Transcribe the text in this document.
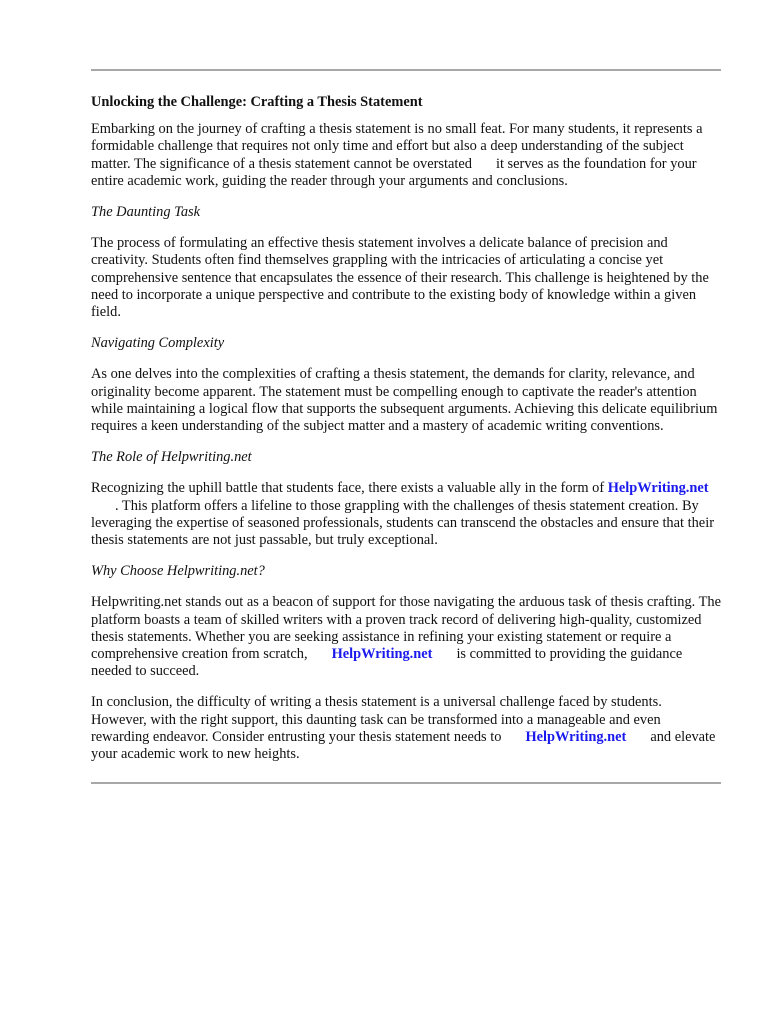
Unlocking the Challenge: Crafting a Thesis Statement

Embarking on the journey of crafting a thesis statement is no small feat. For many students, it represents a formidable challenge that requires not only time and effort but also a deep understanding of the subject matter. The significance of a thesis statement cannot be overstated it serves as the foundation for your entire academic work, guiding the reader through your arguments and conclusions.

The Daunting Task

The process of formulating an effective thesis statement involves a delicate balance of precision and creativity. Students often find themselves grappling with the intricacies of articulating a concise yet comprehensive sentence that encapsulates the essence of their research. This challenge is heightened by the need to incorporate a unique perspective and contribute to the existing body of knowledge within a given field.

Navigating Complexity

As one delves into the complexities of crafting a thesis statement, the demands for clarity, relevance, and originality become apparent. The statement must be compelling enough to captivate the reader's attention while maintaining a logical flow that supports the subsequent arguments. Achieving this delicate equilibrium requires a keen understanding of the subject matter and a mastery of academic writing conventions.

The Role of Helpwriting.net

Recognizing the uphill battle that students face, there exists a valuable ally in the form of HelpWriting.net. This platform offers a lifeline to those grappling with the challenges of thesis statement creation. By leveraging the expertise of seasoned professionals, students can transcend the obstacles and ensure that their thesis statements are not just passable, but truly exceptional.

Why Choose Helpwriting.net?

Helpwriting.net stands out as a beacon of support for those navigating the arduous task of thesis crafting. The platform boasts a team of skilled writers with a proven track record of delivering high-quality, customized thesis statements. Whether you are seeking assistance in refining your existing statement or require a comprehensive creation from scratch, HelpWriting.net is committed to providing the guidance needed to succeed.

In conclusion, the difficulty of writing a thesis statement is a universal challenge faced by students. However, with the right support, this daunting task can be transformed into a manageable and even rewarding endeavor. Consider entrusting your thesis statement needs to HelpWriting.net and elevate your academic work to new heights.
